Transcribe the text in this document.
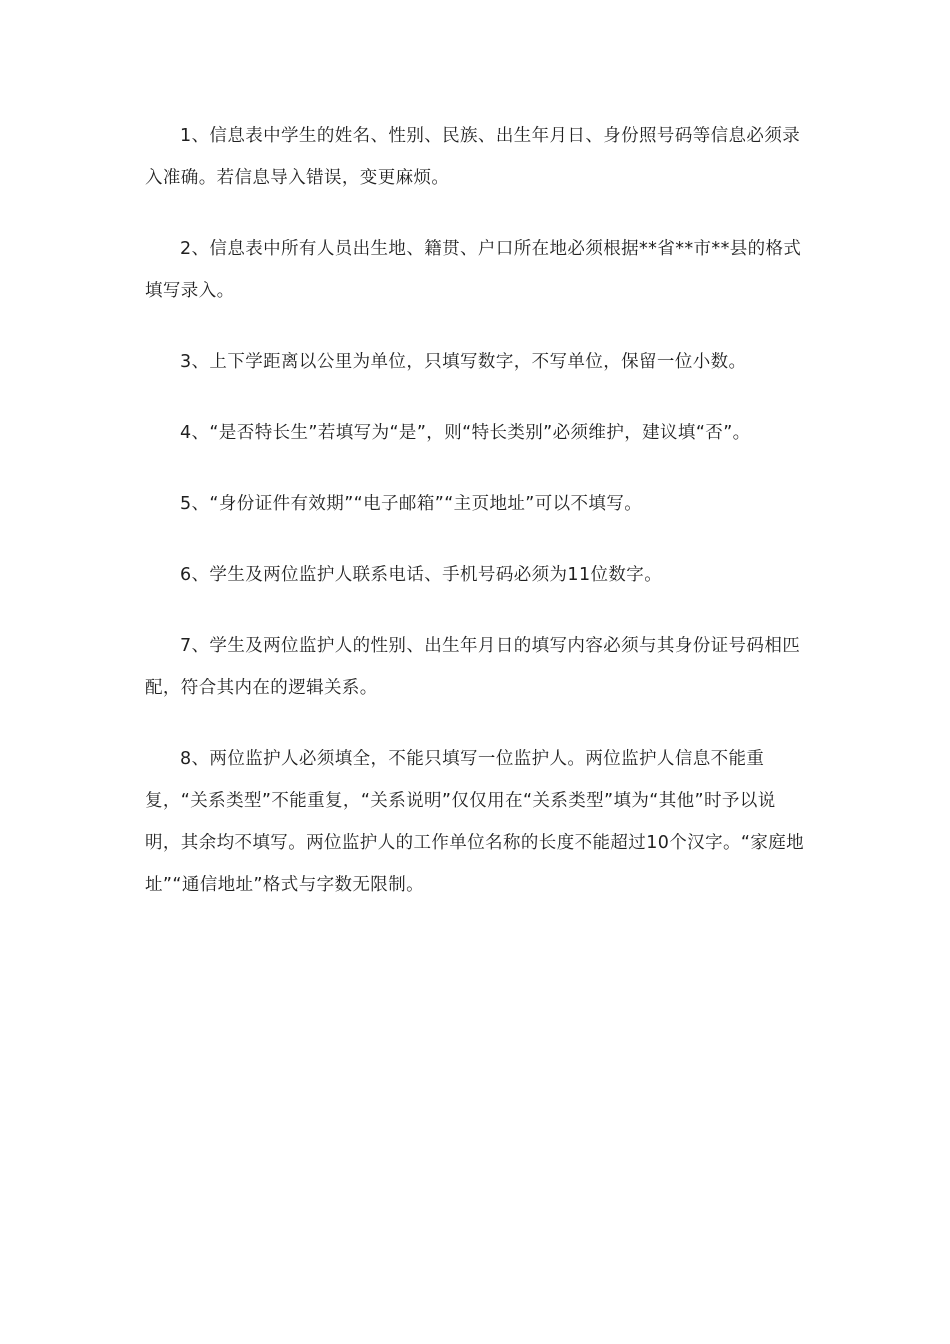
1、信息表中学生的姓名、性别、民族、出生年月日、身份照号码等信息必须录入准确。若信息导入错误，变更麻烦。

2、信息表中所有人员出生地、籍贯、户口所在地必须根据**省**市**县的格式填写录入。

3、上下学距离以公里为单位，只填写数字，不写单位，保留一位小数。

4、“是否特长生”若填写为“是”，则“特长类别”必须维护，建议填“否”。

5、“身份证件有效期”“电子邮箱”“主页地址”可以不填写。

6、学生及两位监护人联系电话、手机号码必须为11位数字。

7、学生及两位监护人的性别、出生年月日的填写内容必须与其身份证号码相匹配，符合其内在的逻辑关系。

8、两位监护人必须填全，不能只填写一位监护人。两位监护人信息不能重复，“关系类型”不能重复，“关系说明”仅仅用在“关系类型”填为“其他”时予以说明，其余均不填写。两位监护人的工作单位名称的长度不能超过10个汉字。“家庭地址”“通信地址”格式与字数无限制。
